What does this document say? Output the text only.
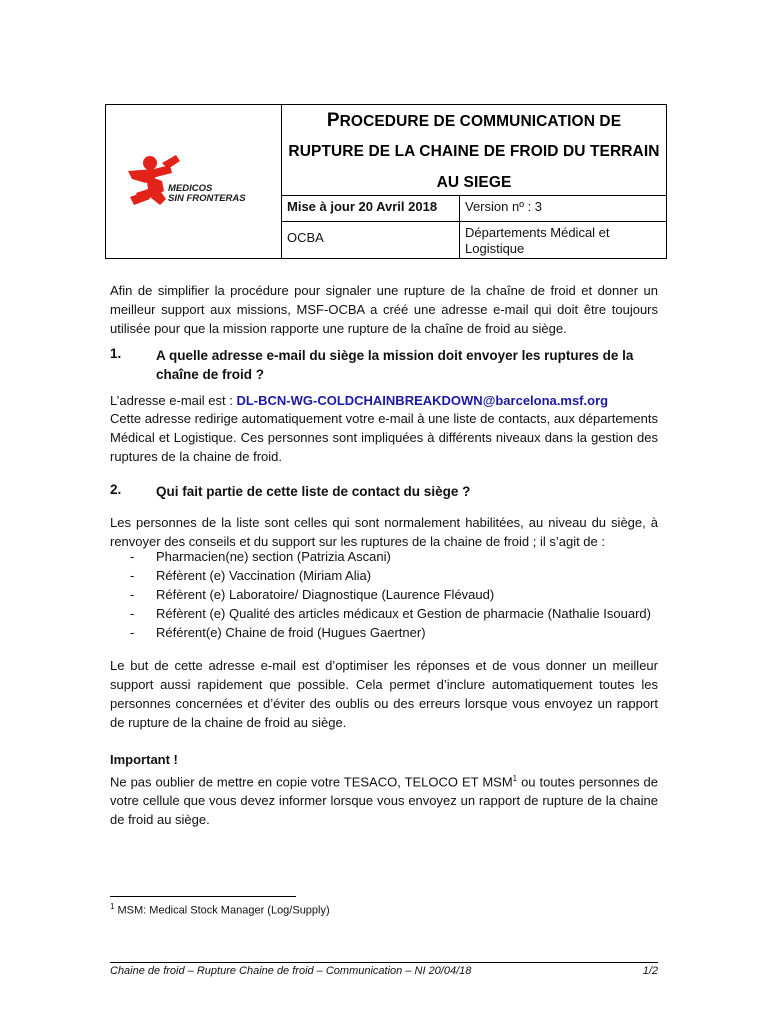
MEDICOS
SIN FRONTERAS
PROCEDURE DE COMMUNICATION DE
RUPTURE DE LA CHAINE DE FROID DU TERRAIN
AU SIEGE
Mise à jour 20 Avril 2018	Version nº : 3
OCBA	Départements Médical et Logistique
Afin de simplifier la procédure pour signaler une rupture de la chaîne de froid et donner un meilleur support aux missions, MSF-OCBA a créé une adresse e-mail qui doit être toujours utilisée pour que la mission rapporte une rupture de la chaîne de froid au siège.
1.	A quelle adresse e-mail du siège la mission doit envoyer les ruptures de la chaîne de froid ?
L’adresse e-mail est : DL-BCN-WG-COLDCHAINBREAKDOWN@barcelona.msf.org
Cette adresse redirige automatiquement votre e-mail à une liste de contacts, aux départements Médical et Logistique. Ces personnes sont impliquées à différents niveaux dans la gestion des ruptures de la chaine de froid.
2.	Qui fait partie de cette liste de contact du siège ?
Les personnes de la liste sont celles qui sont normalement habilitées, au niveau du siège, à renvoyer des conseils et du support sur les ruptures de la chaine de froid ; il s’agit de :
- Pharmacien(ne) section (Patrizia Ascani)
- Réfèrent (e) Vaccination (Miriam Alia)
- Réfèrent (e) Laboratoire/ Diagnostique (Laurence Flévaud)
- Réfèrent (e) Qualité des articles médicaux et Gestion de pharmacie (Nathalie Isouard)
- Référent(e) Chaine de froid (Hugues Gaertner)
Le but de cette adresse e-mail est d’optimiser les réponses et de vous donner un meilleur support aussi rapidement que possible. Cela permet d’inclure automatiquement toutes les personnes concernées et d’éviter des oublis ou des erreurs lorsque vous envoyez un rapport de rupture de la chaine de froid au siège.
Important !
Ne pas oublier de mettre en copie votre TESACO, TELOCO ET MSM$^1$ ou toutes personnes de votre cellule que vous devez informer lorsque vous envoyez un rapport de rupture de la chaine de froid au siège.
$^1$ MSM: Medical Stock Manager (Log/Supply)
Chaine de froid – Rupture Chaine de froid – Communication – NI 20/04/18	1/2
